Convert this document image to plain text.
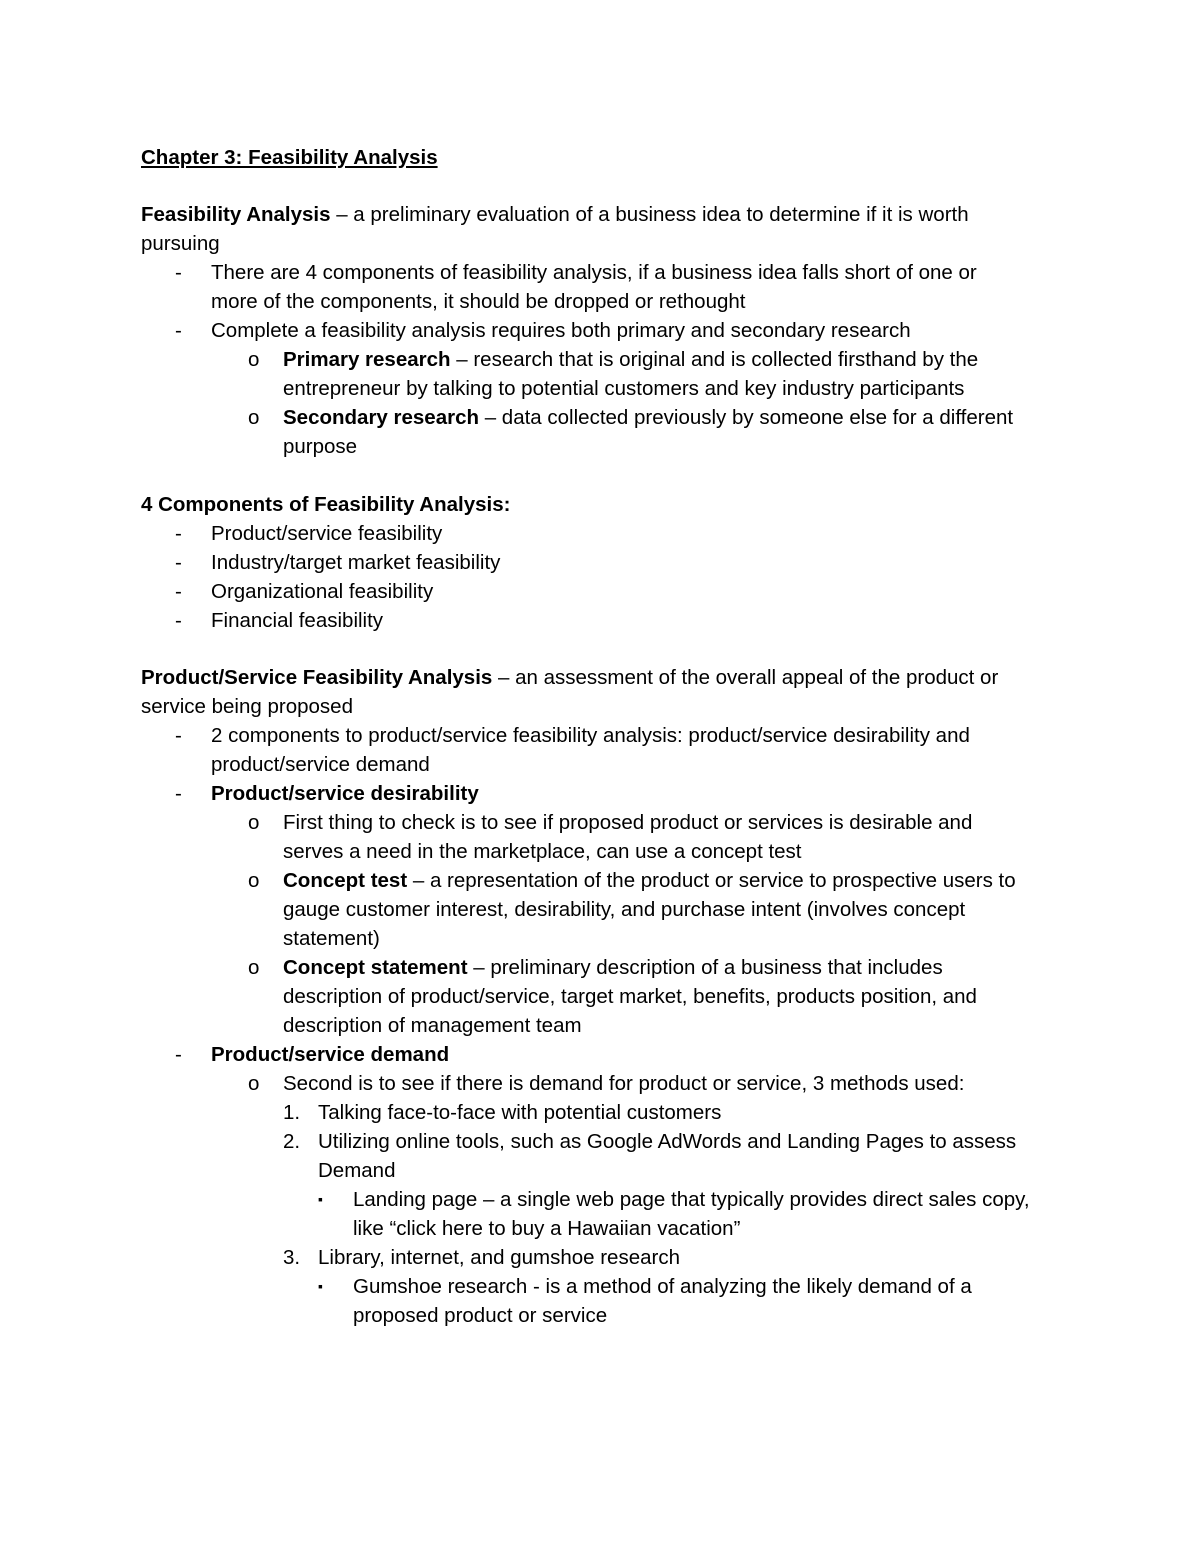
Chapter 3: Feasibility Analysis
Feasibility Analysis – a preliminary evaluation of a business idea to determine if it is worth
pursuing
-	There are 4 components of feasibility analysis, if a business idea falls short of one or
more of the components, it should be dropped or rethought
-	Complete a feasibility analysis requires both primary and secondary research
o	Primary research – research that is original and is collected firsthand by the
entrepreneur by talking to potential customers and key industry participants
o	Secondary research – data collected previously by someone else for a different
purpose
4 Components of Feasibility Analysis:
-	Product/service feasibility
-	Industry/target market feasibility
-	Organizational feasibility
-	Financial feasibility
Product/Service Feasibility Analysis – an assessment of the overall appeal of the product or
service being proposed
-	2 components to product/service feasibility analysis: product/service desirability and
product/service demand
-	Product/service desirability
o	First thing to check is to see if proposed product or services is desirable and
serves a need in the marketplace, can use a concept test
o	Concept test – a representation of the product or service to prospective users to
gauge customer interest, desirability, and purchase intent (involves concept
statement)
o	Concept statement – preliminary description of a business that includes
description of product/service, target market, benefits, products position, and
description of management team
-	Product/service demand
o	Second is to see if there is demand for product or service, 3 methods used:
1. Talking face-to-face with potential customers
2. Utilizing online tools, such as Google AdWords and Landing Pages to assess
Demand
▪	Landing page – a single web page that typically provides direct sales copy,
like “click here to buy a Hawaiian vacation”
3. Library, internet, and gumshoe research
▪	Gumshoe research - is a method of analyzing the likely demand of a
proposed product or service
